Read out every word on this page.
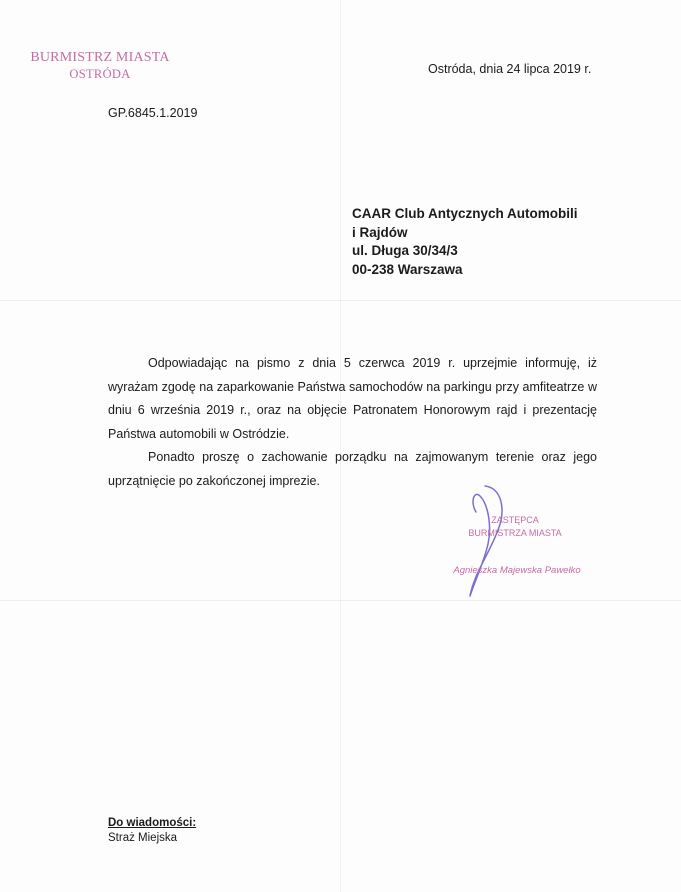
BURMISTRZ MIASTA
OSTRÓDA	Ostróda, dnia 24 lipca 2019 r.
GP.6845.1.2019
CAAR Club Antycznych Automobili
i Rajdów
ul. Długa 30/34/3
00-238 Warszawa

Odpowiadając na pismo z dnia 5 czerwca 2019 r. uprzejmie informuję, iż wyrażam zgodę na zaparkowanie Państwa samochodów na parkingu przy amfiteatrze w dniu 6 września 2019 r., oraz na objęcie Patronatem Honorowym rajd i prezentację Państwa automobili w Ostródzie.

Ponadto proszę o zachowanie porządku na zajmowanym terenie oraz jego uprzątnięcie po zakończonej imprezie.

ZASTĘPCA
BURMISTRZA MIASTA
Agnieszka Majewska Pawełko
Do wiadomości:
Straż Miejska
